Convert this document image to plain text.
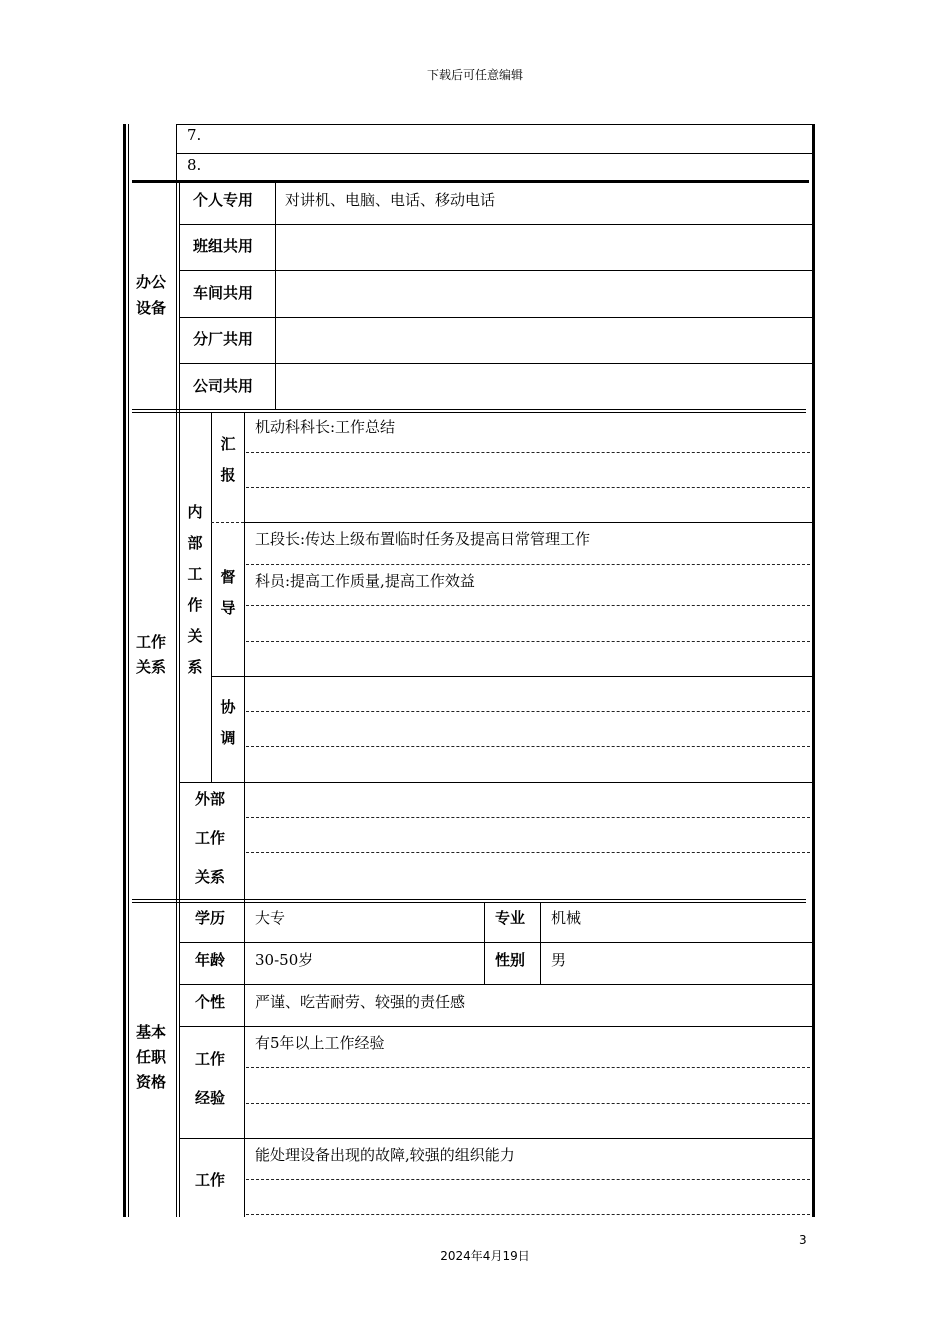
下载后可任意编辑
7.
8.
办公
设备
个人专用 对讲机、电脑、电话、移动电话
班组共用
车间共用
分厂共用
公司共用
工作
关系
内
部
工
作
关
系
汇
报
机动科科长:工作总结
督
导
工段长:传达上级布置临时任务及提高日常管理工作
科员:提高工作质量,提高工作效益
协
调
外部
工作
关系
基本
任职
资格
学历 大专	专业 机械
年龄 30-50岁	性别 男
个性 严谨、吃苦耐劳、较强的责任感
工作
经验
有5年以上工作经验
工作
能处理设备出现的故障,较强的组织能力
3
2024年4月19日
